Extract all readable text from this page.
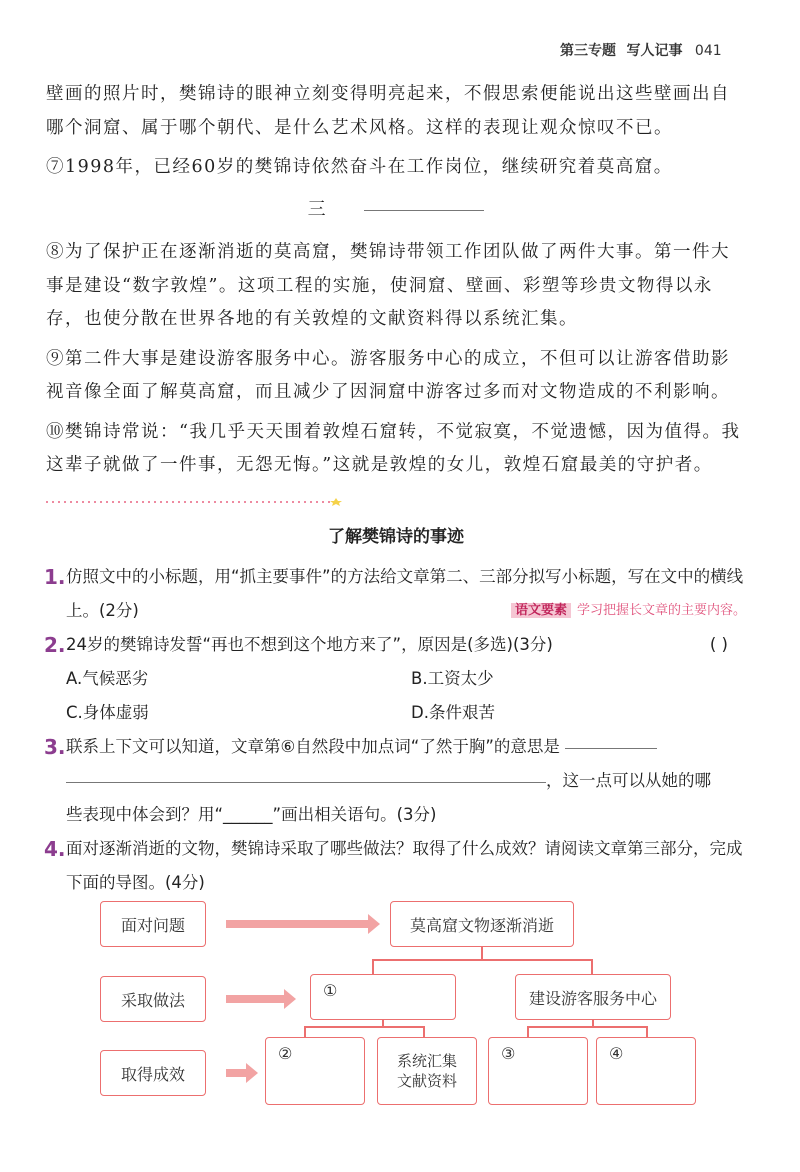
第三专题 写人记事 041

壁画的照片时，樊锦诗的眼神立刻变得明亮起来，不假思索便能说出这些壁画出自哪个洞窟、属于哪个朝代、是什么艺术风格。这样的表现让观众惊叹不已。

⑦1998年，已经60岁的樊锦诗依然奋斗在工作岗位，继续研究着莫高窟。

三

⑧为了保护正在逐渐消逝的莫高窟，樊锦诗带领工作团队做了两件大事。第一件大事是建设“数字敦煌”。这项工程的实施，使洞窟、壁画、彩塑等珍贵文物得以永存，也使分散在世界各地的有关敦煌的文献资料得以系统汇集。

⑨第二件大事是建设游客服务中心。游客服务中心的成立，不但可以让游客借助影视音像全面了解莫高窟，而且减少了因洞窟中游客过多而对文物造成的不利影响。

⑩樊锦诗常说：“我几乎天天围着敦煌石窟转，不觉寂寞，不觉遗憾，因为值得。我这辈子就做了一件事，无怨无悔。”这就是敦煌的女儿，敦煌石窟最美的守护者。

了解樊锦诗的事迹
1. 仿照文中的小标题，用“抓主要事件”的方法给文章第二、三部分拟写小标题，写在文中的横线上。(2分)	语文要素 学习把握长文章的主要内容。
2. 24岁的樊锦诗发誓“再也不想到这个地方来了”，原因是(多选)(3分)	( )
A.气候恶劣	B.工资太少
C.身体虚弱	D.条件艰苦
3. 联系上下文可以知道，文章第⑥自然段中加点词“了然于胸”的意思是
，这一点可以从她的哪
些表现中体会到？用“______”画出相关语句。(3分)
4. 面对逐渐消逝的文物，樊锦诗采取了哪些做法？取得了什么成效？请阅读文章第三部分，完成下面的导图。(4分)
面对问题
采取做法
取得成效
莫高窟文物逐渐消逝
①	建设游客服务中心
②	系统汇集
文献资料
③	④
